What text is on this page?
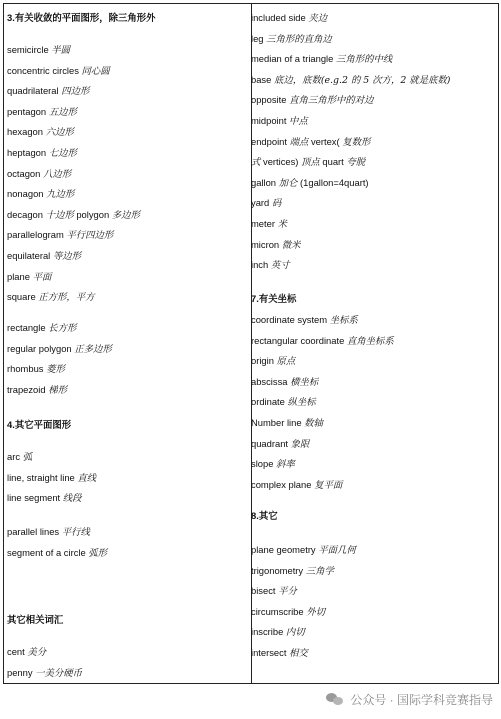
3.有关收敛的平面图形，除三角形外
semicircle 半圆
concentric circles 同心圆
quadrilateral 四边形
pentagon 五边形
hexagon 六边形
heptagon 七边形
octagon 八边形
nonagon 九边形
decagon 十边形 polygon 多边形
parallelogram 平行四边形
equilateral 等边形
plane 平面
square 正方形，平方
rectangle 长方形
regular polygon 正多边形
rhombus 菱形
trapezoid 梯形
4.其它平面图形
arc 弧
line, straight line 直线
line segment 线段
parallel lines 平行线
segment of a circle 弧形
其它相关词汇
cent 美分
penny 一美分硬币
included side 夹边
leg 三角形的直角边
median of a triangle 三角形的中线
base 底边，底数(e.g.2 的 5 次方，2 就是底数)
opposite 直角三角形中的对边
midpoint 中点
endpoint 端点 vertex( 复数形
式 vertices) 顶点 quart 夸脱
gallon 加仑 (1gallon=4quart)
yard 码
meter 米
micron 微米
inch 英寸
7.有关坐标
coordinate system 坐标系
rectangular coordinate 直角坐标系
origin 原点
abscissa 横坐标
ordinate 纵坐标
Number line 数轴
quadrant 象限
slope 斜率
complex plane 复平面
8.其它
plane geometry 平面几何
trigonometry 三角学
bisect 平分
circumscribe 外切
inscribe 内切
intersect 相交
公众号 · 国际学科竞赛指导
